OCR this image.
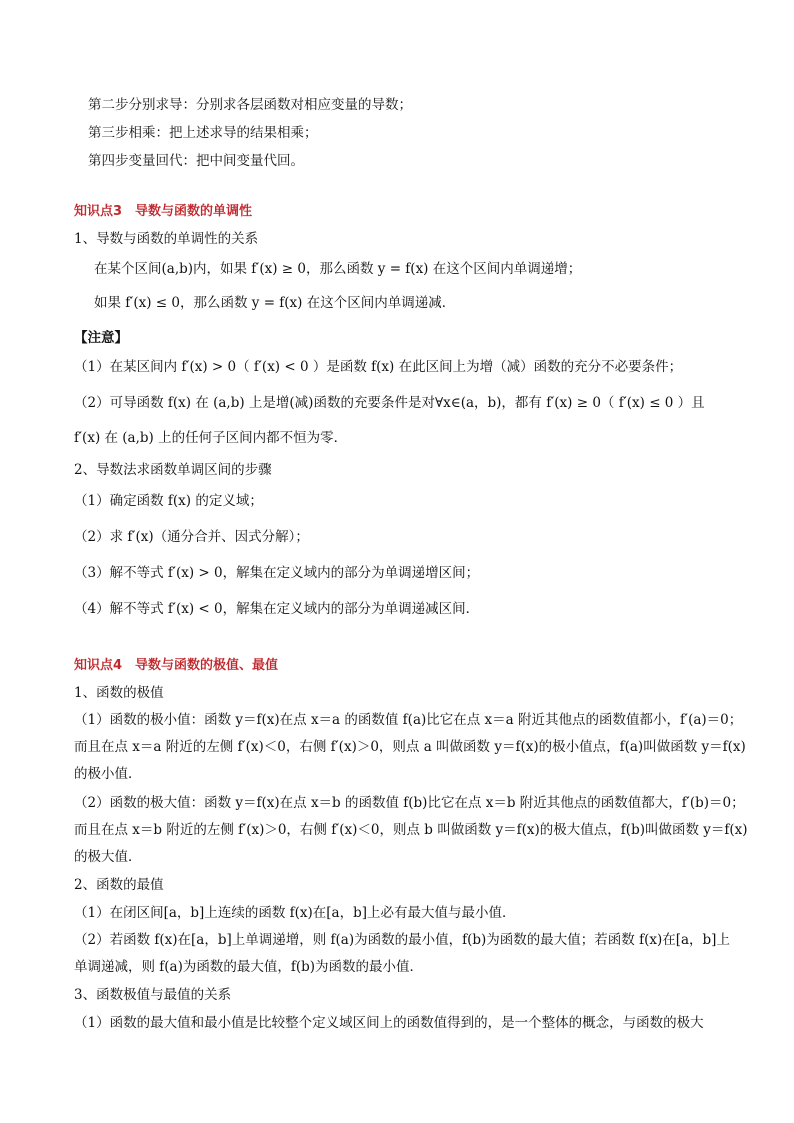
第二步分别求导：分别求各层函数对相应变量的导数；
第三步相乘：把上述求导的结果相乘；
第四步变量回代：把中间变量代回。
知识点3　导数与函数的单调性
1、导数与函数的单调性的关系
在某个区间(a,b)内，如果 f′(x) ≥ 0，那么函数 y = f(x) 在这个区间内单调递增；
如果 f′(x) ≤ 0，那么函数 y = f(x) 在这个区间内单调递减．
【注意】
（1）在某区间内 f′(x) > 0（ f′(x) < 0 ）是函数 f(x) 在此区间上为增（减）函数的充分不必要条件；
（2）可导函数 f(x) 在 (a,b) 上是增(减)函数的充要条件是对∀x∈(a，b)，都有 f′(x) ≥ 0（ f′(x) ≤ 0 ）且
f′(x) 在 (a,b) 上的任何子区间内都不恒为零．
2、导数法求函数单调区间的步骤
（1）确定函数 f(x) 的定义域；
（2）求 f′(x)（通分合并、因式分解）；
（3）解不等式 f′(x) > 0，解集在定义域内的部分为单调递增区间；
（4）解不等式 f′(x) < 0，解集在定义域内的部分为单调递减区间．
知识点4　导数与函数的极值、最值
1、函数的极值
（1）函数的极小值：函数 y＝f(x)在点 x＝a 的函数值 f(a)比它在点 x＝a 附近其他点的函数值都小，f′(a)＝0；
而且在点 x＝a 附近的左侧 f′(x)＜0，右侧 f′(x)＞0，则点 a 叫做函数 y＝f(x)的极小值点，f(a)叫做函数 y＝f(x)
的极小值．
（2）函数的极大值：函数 y＝f(x)在点 x＝b 的函数值 f(b)比它在点 x＝b 附近其他点的函数值都大，f′(b)＝0；
而且在点 x＝b 附近的左侧 f′(x)＞0，右侧 f′(x)＜0，则点 b 叫做函数 y＝f(x)的极大值点，f(b)叫做函数 y＝f(x)
的极大值．
2、函数的最值
（1）在闭区间[a，b]上连续的函数 f(x)在[a，b]上必有最大值与最小值．
（2）若函数 f(x)在[a，b]上单调递增，则 f(a)为函数的最小值，f(b)为函数的最大值；若函数 f(x)在[a，b]上
单调递减，则 f(a)为函数的最大值，f(b)为函数的最小值．
3、函数极值与最值的关系
（1）函数的最大值和最小值是比较整个定义域区间上的函数值得到的，是一个整体的概念，与函数的极大
